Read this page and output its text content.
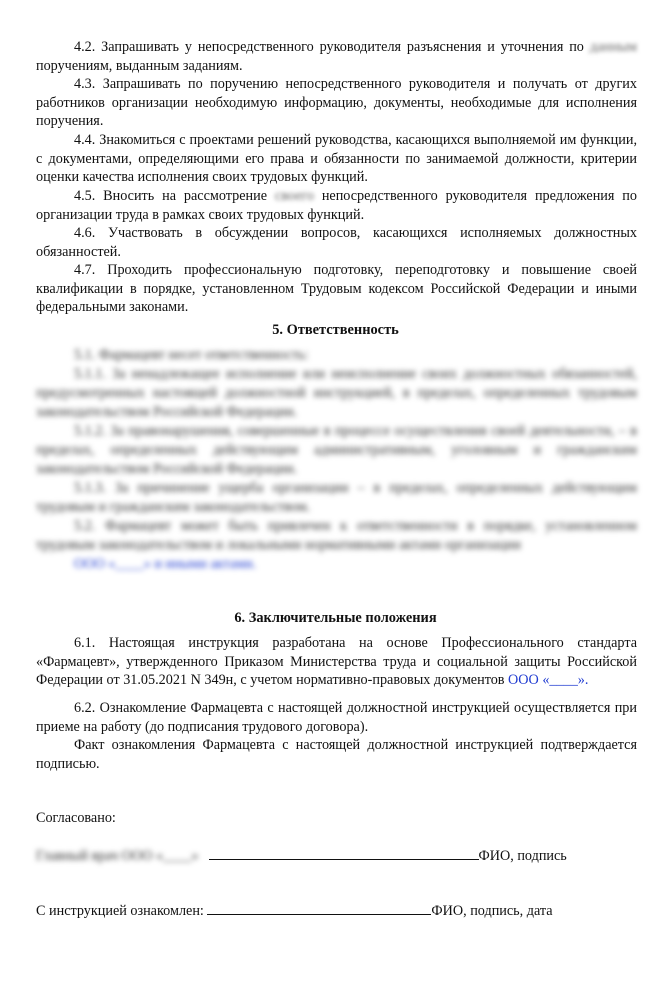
4.2. Запрашивать у непосредственного руководителя разъяснения и уточнения по данным поручениям, выданным заданиям.

4.3. Запрашивать по поручению непосредственного руководителя и получать от других работников организации необходимую информацию, документы, необходимые для исполнения поручения.

4.4. Знакомиться с проектами решений руководства, касающихся выполняемой им функции, с документами, определяющими его права и обязанности по занимаемой должности, критерии оценки качества исполнения своих трудовых функций.

4.5. Вносить на рассмотрение своего непосредственного руководителя предложения по организации труда в рамках своих трудовых функций.

4.6. Участвовать в обсуждении вопросов, касающихся исполняемых должностных обязанностей.

4.7. Проходить профессиональную подготовку, переподготовку и повышение своей квалификации в порядке, установленном Трудовым кодексом Российской Федерации и иными федеральными законами.

5. Ответственность

5.1. Фармацевт несет ответственность:

5.1.1. За ненадлежащее исполнение или неисполнение своих должностных обязанностей, предусмотренных настоящей должностной инструкцией, в пределах, определенных трудовым законодательством Российской Федерации.

5.1.2. За правонарушения, совершенные в процессе осуществления своей деятельности, – в пределах, определенных действующим административным, уголовным и гражданским законодательством Российской Федерации.

5.1.3. За причинение ущерба организации – в пределах, определенных действующим трудовым и гражданским законодательством.

5.2. Фармацевт может быть привлечен к ответственности в порядке, установленном трудовым законодательством и локальными нормативными актами организации

ООО «____» и иными актами.

6. Заключительные положения

6.1. Настоящая инструкция разработана на основе Профессионального стандарта «Фармацевт», утвержденного Приказом Министерства труда и социальной защиты Российской Федерации от 31.05.2021 N 349н, с учетом нормативно-правовых документов ООО «____».

6.2. Ознакомление Фармацевта с настоящей должностной инструкцией осуществляется при приеме на работу (до подписания трудового договора).

Факт ознакомления Фармацевта с настоящей должностной инструкцией подтверждается подписью.

Согласовано:
Главный врач ООО «____»	ФИО, подпись
С инструкцией ознакомлен:	ФИО, подпись, дата
